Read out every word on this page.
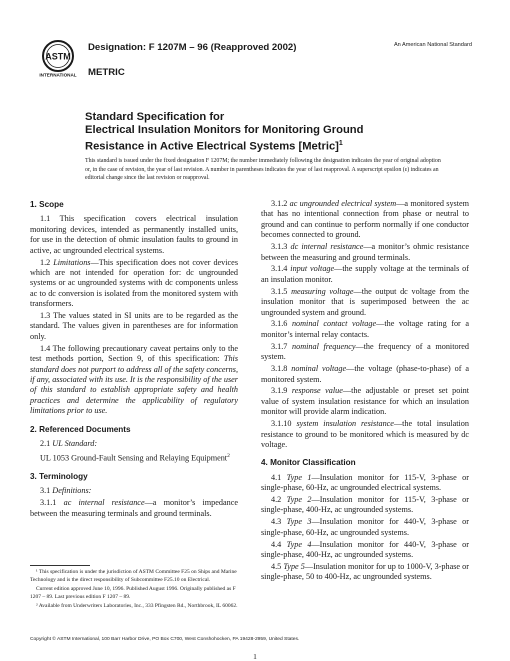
ASTM
INTERNATIONAL
Designation: F 1207M – 96 (Reapproved 2002)	An American National Standard
METRIC
Standard Specification for
Electrical Insulation Monitors for Monitoring Ground
Resistance in Active Electrical Systems [Metric]$^1$
This standard is issued under the fixed designation F 1207M; the number immediately following the designation indicates the year of original adoption or, in the case of revision, the year of last revision. A number in parentheses indicates the year of last reapproval. A superscript epsilon (ε) indicates an editorial change since the last revision or reapproval.
1. Scope

1.1 This specification covers electrical insulation monitoring devices, intended as permanently installed units, for use in the detection of ohmic insulation faults to ground in active, ac ungrounded electrical systems.

1.2 Limitations—This specification does not cover devices which are not intended for operation for: dc ungrounded systems or ac ungrounded systems with dc components unless ac to dc conversion is isolated from the monitored system with transformers.

1.3 The values stated in SI units are to be regarded as the standard. The values given in parentheses are for information only.

1.4 The following precautionary caveat pertains only to the test methods portion, Section 9, of this specification: This standard does not purport to address all of the safety concerns, if any, associated with its use. It is the responsibility of the user of this standard to establish appropriate safety and health practices and determine the applicability of regulatory limitations prior to use.

2. Referenced Documents

2.1 UL Standard:

UL 1053 Ground-Fault Sensing and Relaying Equipment$^2$

3. Terminology

3.1 Definitions:

3.1.1 ac internal resistance—a monitor’s impedance between the measuring terminals and ground terminals.

3.1.2 ac ungrounded electrical system—a monitored system that has no intentional connection from phase or neutral to ground and can continue to perform normally if one conductor becomes connected to ground.

3.1.3 dc internal resistance—a monitor’s ohmic resistance between the measuring and ground terminals.

3.1.4 input voltage—the supply voltage at the terminals of an insulation monitor.

3.1.5 measuring voltage—the output dc voltage from the insulation monitor that is superimposed between the ac ungrounded system and ground.

3.1.6 nominal contact voltage—the voltage rating for a monitor’s internal relay contacts.

3.1.7 nominal frequency—the frequency of a monitored system.

3.1.8 nominal voltage—the voltage (phase-to-phase) of a monitored system.

3.1.9 response value—the adjustable or preset set point value of system insulation resistance for which an insulation monitor will provide alarm indication.

3.1.10 system insulation resistance—the total insulation resistance to ground to be monitored which is measured by dc voltage.

4. Monitor Classification

4.1 Type 1—Insulation monitor for 115-V, 3-phase or single-phase, 60-Hz, ac ungrounded electrical systems.

4.2 Type 2—Insulation monitor for 115-V, 3-phase or single-phase, 400-Hz, ac ungrounded systems.

4.3 Type 3—Insulation monitor for 440-V, 3-phase or single-phase, 60-Hz, ac ungrounded systems.

4.4 Type 4—Insulation monitor for 440-V, 3-phase or single-phase, 400-Hz, ac ungrounded systems.

4.5 Type 5—Insulation monitor for up to 1000-V, 3-phase or single-phase, 50 to 400-Hz, ac ungrounded systems.

¹ This specification is under the jurisdiction of ASTM Committee F25 on Ships and Marine Technology and is the direct responsibility of Subcommittee F25.10 on Electrical.

Current edition approved June 10, 1996. Published August 1996. Originally published as F 1207 – 89. Last previous edition F 1207 – 89.

² Available from Underwriters Laboratories, Inc., 333 Pfingsten Rd., Northbrook, IL 60062.

Copyright © ASTM International, 100 Barr Harbor Drive, PO Box C700, West Conshohocken, PA 19428-2959, United States.
1
